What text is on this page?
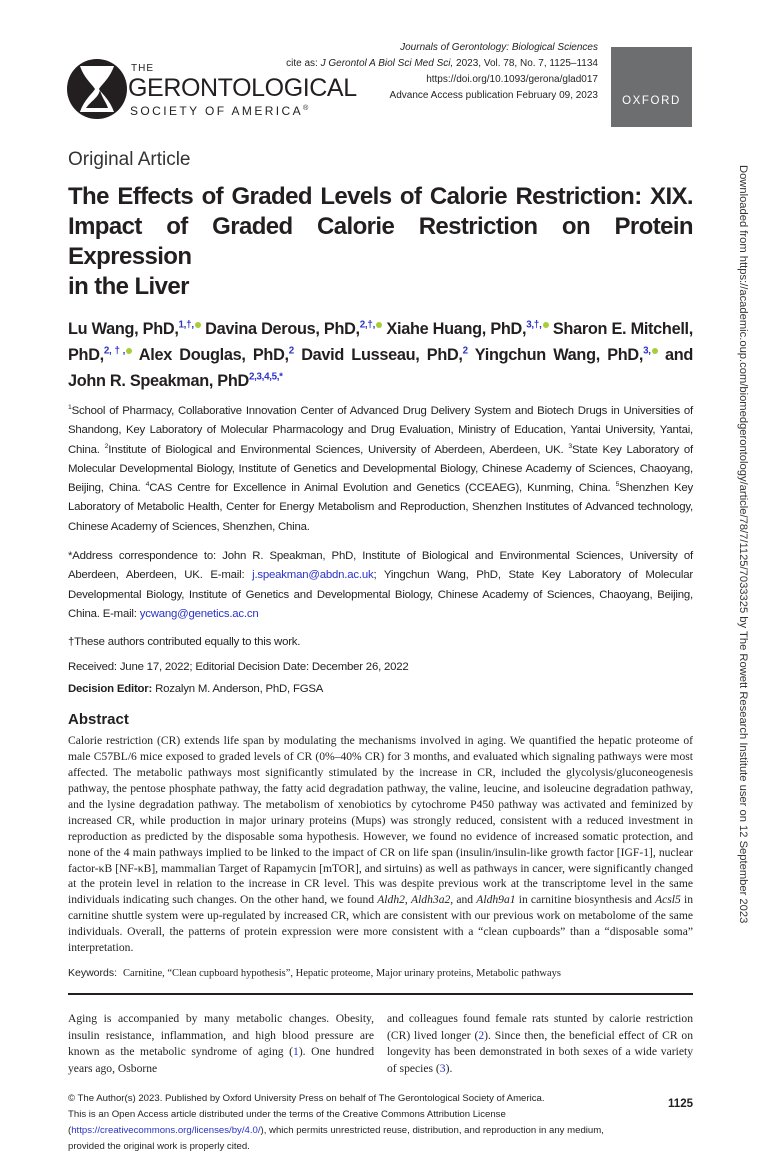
THE
GERONTOLOGICAL
SOCIETY OF AMERICA®
Journals of Gerontology: Biological Sciences
cite as: J Gerontol A Biol Sci Med Sci, 2023, Vol. 78, No. 7, 1125–1134
https://doi.org/10.1093/gerona/glad017
Advance Access publication February 09, 2023	OXFORD
Original Article
The Effects of Graded Levels of Calorie Restriction: XIX.
Impact of Graded Calorie Restriction on Protein Expression
in the Liver
Lu Wang, PhD,$^{1,\dagger,}$ Davina Derous, PhD,$^{2,\dagger,}$ Xiahe Huang, PhD,$^{3,\dagger,}$ Sharon E. Mitchell,
PhD,$^{2,\dagger,}$ Alex Douglas, PhD,$^2$ David Lusseau, PhD,$^2$ Yingchun Wang, PhD,$^{3,}$ and
John R. Speakman, PhD$^{2,3,4,5,*}$
$^1$School of Pharmacy, Collaborative Innovation Center of Advanced Drug Delivery System and Biotech Drugs in Universities of Shandong, Key Laboratory of Molecular Pharmacology and Drug Evaluation, Ministry of Education, Yantai University, Yantai, China. $^2$Institute of Biological and Environmental Sciences, University of Aberdeen, Aberdeen, UK. $^3$State Key Laboratory of Molecular Developmental Biology, Institute of Genetics and Developmental Biology, Chinese Academy of Sciences, Chaoyang, Beijing, China. $^4$CAS Centre for Excellence in Animal Evolution and Genetics (CCEAEG), Kunming, China. $^5$Shenzhen Key Laboratory of Metabolic Health, Center for Energy Metabolism and Reproduction, Shenzhen Institutes of Advanced technology, Chinese Academy of Sciences, Shenzhen, China.
*Address correspondence to: John R. Speakman, PhD, Institute of Biological and Environmental Sciences, University of Aberdeen, Aberdeen, UK. E-mail: j.speakman@abdn.ac.uk; Yingchun Wang, PhD, State Key Laboratory of Molecular Developmental Biology, Institute of Genetics and Developmental Biology, Chinese Academy of Sciences, Chaoyang, Beijing, China. E-mail: ycwang@genetics.ac.cn
†These authors contributed equally to this work.
Received: June 17, 2022; Editorial Decision Date: December 26, 2022
Decision Editor: Rozalyn M. Anderson, PhD, FGSA
Abstract
Calorie restriction (CR) extends life span by modulating the mechanisms involved in aging. We quantified the hepatic proteome of male C57BL/6 mice exposed to graded levels of CR (0%–40% CR) for 3 months, and evaluated which signaling pathways were most affected. The metabolic pathways most significantly stimulated by the increase in CR, included the glycolysis/gluconeogenesis pathway, the pentose phosphate pathway, the fatty acid degradation pathway, the valine, leucine, and isoleucine degradation pathway, and the lysine degradation pathway. The metabolism of xenobiotics by cytochrome P450 pathway was activated and feminized by increased CR, while production in major urinary proteins (Mups) was strongly reduced, consistent with a reduced investment in reproduction as predicted by the disposable soma hypothesis. However, we found no evidence of increased somatic protection, and none of the 4 main pathways implied to be linked to the impact of CR on life span (insulin/insulin-like growth factor [IGF-1], nuclear factor-κB [NF-κB], mammalian Target of Rapamycin [mTOR], and sirtuins) as well as pathways in cancer, were significantly changed at the protein level in relation to the increase in CR level. This was despite previous work at the transcriptome level in the same individuals indicating such changes. On the other hand, we found Aldh2, Aldh3a2, and Aldh9a1 in carnitine biosynthesis and Acsl5 in carnitine shuttle system were up-regulated by increased CR, which are consistent with our previous work on metabolome of the same individuals. Overall, the patterns of protein expression were more consistent with a “clean cupboards” than a “disposable soma” interpretation.
Keywords: Carnitine, “Clean cupboard hypothesis”, Hepatic proteome, Major urinary proteins, Metabolic pathways
Aging is accompanied by many metabolic changes. Obesity, insulin resistance, inflammation, and high blood pressure are known as the metabolic syndrome of aging (1). One hundred years ago, Osborne
and colleagues found female rats stunted by calorie restriction (CR) lived longer (2). Since then, the beneficial effect of CR on longevity has been demonstrated in both sexes of a wide variety of species (3).
© The Author(s) 2023. Published by Oxford University Press on behalf of The Gerontological Society of America.
This is an Open Access article distributed under the terms of the Creative Commons Attribution License (https://creativecommons.org/licenses/by/4.0/), which permits unrestricted reuse, distribution, and reproduction in any medium, provided the original work is properly cited.
1125
Downloaded from https://academic.oup.com/biomedgerontology/article/78/7/1125/7033325 by The Rowett Research Institute user on 12 September 2023
